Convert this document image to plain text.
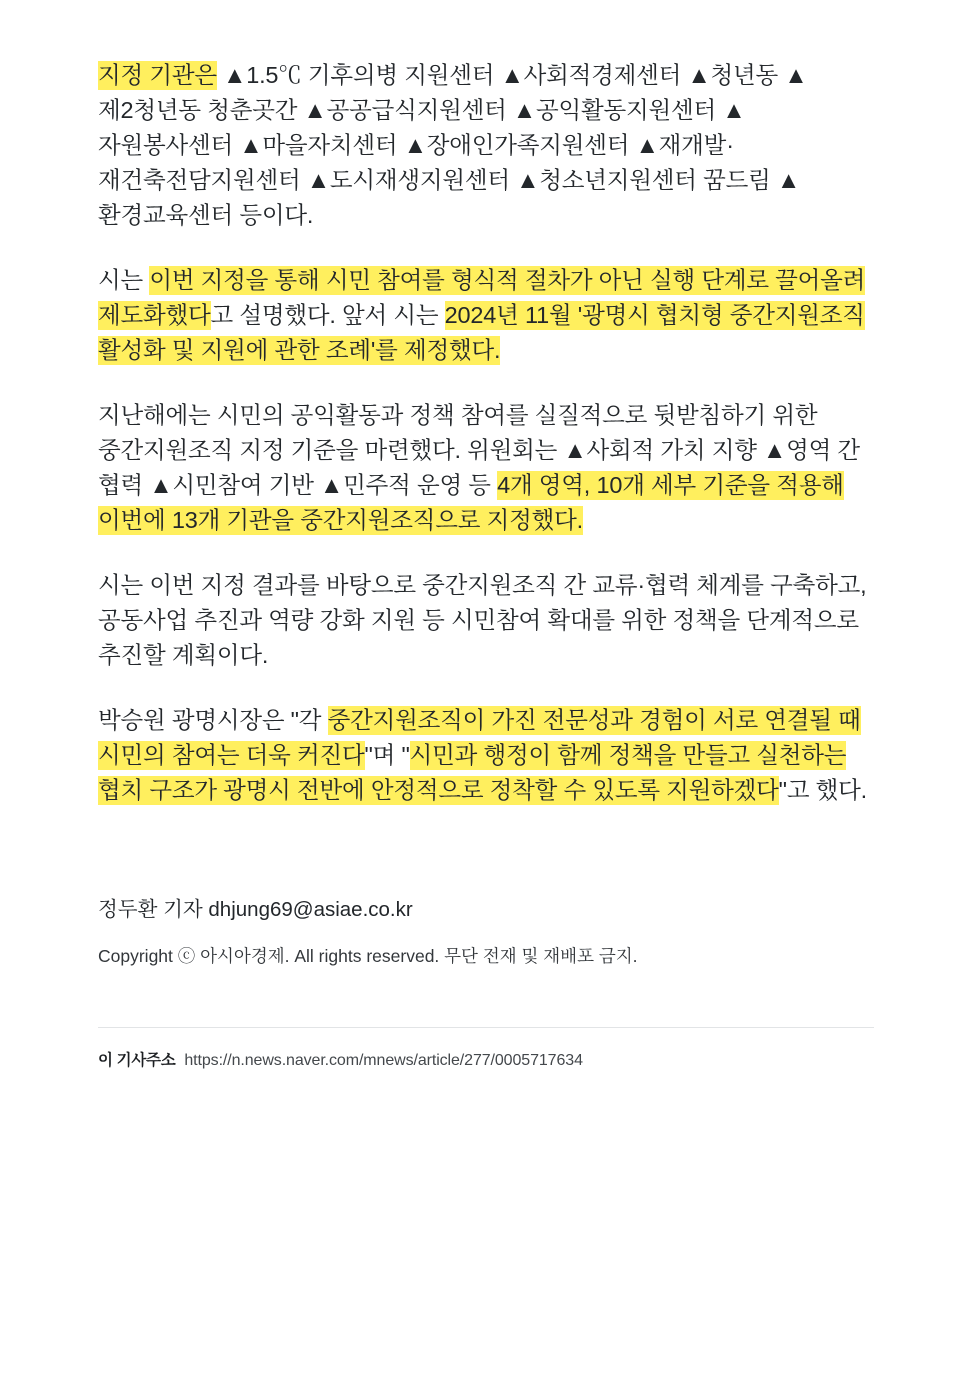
지정 기관은 ▲1.5℃ 기후의병 지원센터 ▲사회적경제센터 ▲청년동 ▲제2청년동 청춘곳간 ▲공공급식지원센터 ▲공익활동지원센터 ▲자원봉사센터 ▲마을자치센터 ▲장애인가족지원센터 ▲재개발·재건축전담지원센터 ▲도시재생지원센터 ▲청소년지원센터 꿈드림 ▲환경교육센터 등이다.

시는 이번 지정을 통해 시민 참여를 형식적 절차가 아닌 실행 단계로 끌어올려 제도화했다고 설명했다. 앞서 시는 2024년 11월 '광명시 협치형 중간지원조직 활성화 및 지원에 관한 조례'를 제정했다.

지난해에는 시민의 공익활동과 정책 참여를 실질적으로 뒷받침하기 위한 중간지원조직 지정 기준을 마련했다. 위원회는 ▲사회적 가치 지향 ▲영역 간 협력 ▲시민참여 기반 ▲민주적 운영 등 4개 영역, 10개 세부 기준을 적용해 이번에 13개 기관을 중간지원조직으로 지정했다.

시는 이번 지정 결과를 바탕으로 중간지원조직 간 교류·협력 체계를 구축하고, 공동사업 추진과 역량 강화 지원 등 시민참여 확대를 위한 정책을 단계적으로 추진할 계획이다.

박승원 광명시장은 "각 중간지원조직이 가진 전문성과 경험이 서로 연결될 때 시민의 참여는 더욱 커진다"며 "시민과 행정이 함께 정책을 만들고 실천하는 협치 구조가 광명시 전반에 안정적으로 정착할 수 있도록 지원하겠다"고 했다.

정두환 기자 dhjung69@asiae.co.kr

Copyright ⓒ 아시아경제. All rights reserved. 무단 전재 및 재배포 금지.

이 기사주소 https://n.news.naver.com/mnews/article/277/0005717634
